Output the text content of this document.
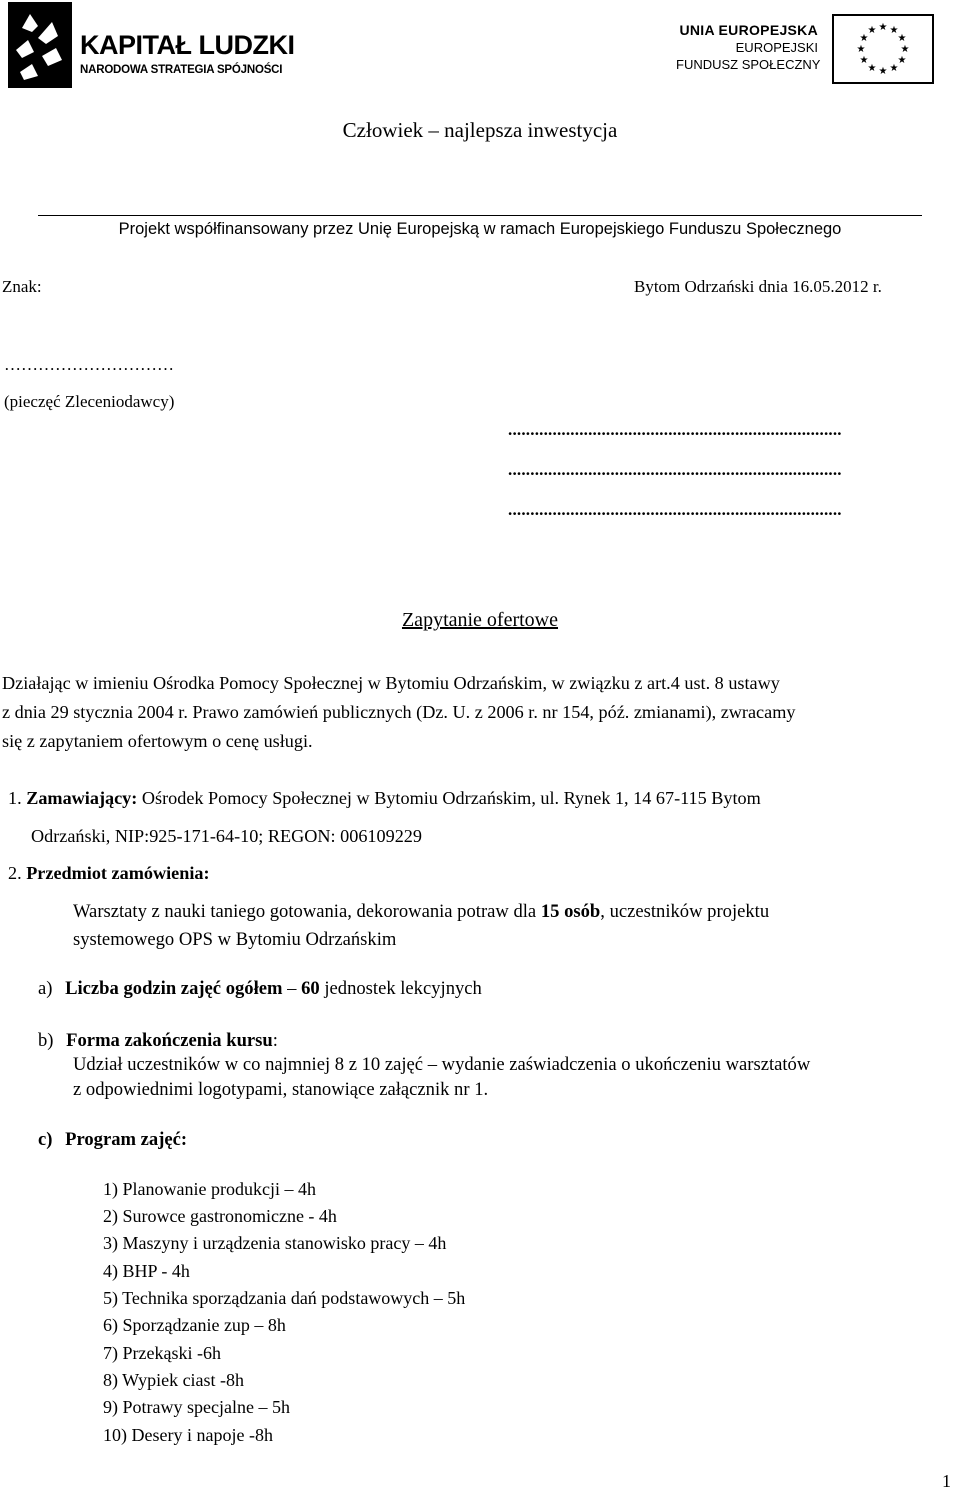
KAPITAŁ LUDZKI
NARODOWA STRATEGIA SPÓJNOŚCI
UNIA EUROPEJSKA
EUROPEJSKI
FUNDUSZ SPOŁECZNY
★ ★
★
★
★
★
★
★
★
★
★
★
Człowiek – najlepsza inwestycja
Projekt współfinansowany przez Unię Europejską w ramach Europejskiego Funduszu Społecznego
Znak:	Bytom Odrzański dnia 16.05.2012 r.
…………………………
(pieczęć Zleceniodawcy)
...........................................................................
...........................................................................
...........................................................................
Zapytanie ofertowe
Działając w imieniu Ośrodka Pomocy Społecznej w Bytomiu Odrzańskim, w związku z art.4 ust. 8 ustawy
z dnia 29 stycznia 2004 r. Prawo zamówień publicznych (Dz. U. z 2006 r. nr 154, póź. zmianami), zwracamy
się z zapytaniem ofertowym o cenę usługi.
1. Zamawiający: Ośrodek Pomocy Społecznej w Bytomiu Odrzańskim, ul. Rynek 1, 14 67-115 Bytom
Odrzański, NIP:925-171-64-10; REGON: 006109229
2. Przedmiot zamówienia:
Warsztaty z nauki taniego gotowania, dekorowania potraw dla 15 osób, uczestników projektu
systemowego OPS w Bytomiu Odrzańskim
a) Liczba godzin zajęć ogółem – 60 jednostek lekcyjnych
b) Forma zakończenia kursu:
Udział uczestników w co najmniej 8 z 10 zajęć – wydanie zaświadczenia o ukończeniu warsztatów
z odpowiednimi logotypami, stanowiące załącznik nr 1.
c) Program zajęć:
1) Planowanie produkcji – 4h
2) Surowce gastronomiczne - 4h
3) Maszyny i urządzenia stanowisko pracy – 4h
4) BHP - 4h
5) Technika sporządzania dań podstawowych – 5h
6) Sporządzanie zup – 8h
7) Przekąski -6h
8) Wypiek ciast -8h
9) Potrawy specjalne – 5h
10) Desery i napoje -8h
1
